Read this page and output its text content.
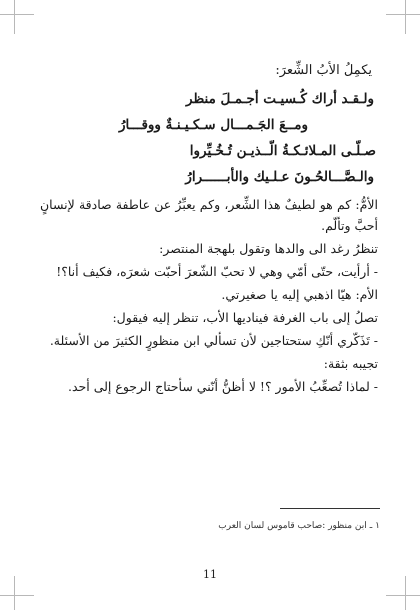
يكمِلُ الأبُ الشِّعرَ:

ولـقـد أراك كُـسيـت أجـمـلَ منظر

ومــعَ الجَـمـــال سـكـيـنـةٌ ووقـــارُ

صـلّـى المـلائـكـةُ الّــذيـن تُـخُـيِّروا

والـصَّـــالحُـونَ عـلـيك والأبــــــرارُ

الأمُّ: كم هو لطيفٌ هذا الشِّعر، وكم يعبِّرُ عن عاطفة صادقة لإنسانٍ أحبَّ وتألّم.

تنظرُ رغد الى والدها وتقول بلهجة المنتصر:

- أرأيت، حتّى أمّي وهي لا تحبّ الشّعرَ أحبّت شعرَه، فكيف أنا؟!

الأم: هيّا اذهبي إليه يا صغيرتي.

تصلُ إلى باب الغرفة فيناديها الأب، تنظر إليه فيقول:

- تَذَكّري أنّكِ ستحتاجين لأن تسألي ابن منظورٍ الكثيرَ من الأسئلة.

تجيبه بثقة:

- لماذا تُصعِّبُ الأمور ؟! لا أظنُّ أنّني سأحتاج الرجوع إلى أحد.

١ ـ ابن منظور :صاحب قاموس لسان العرب
11
